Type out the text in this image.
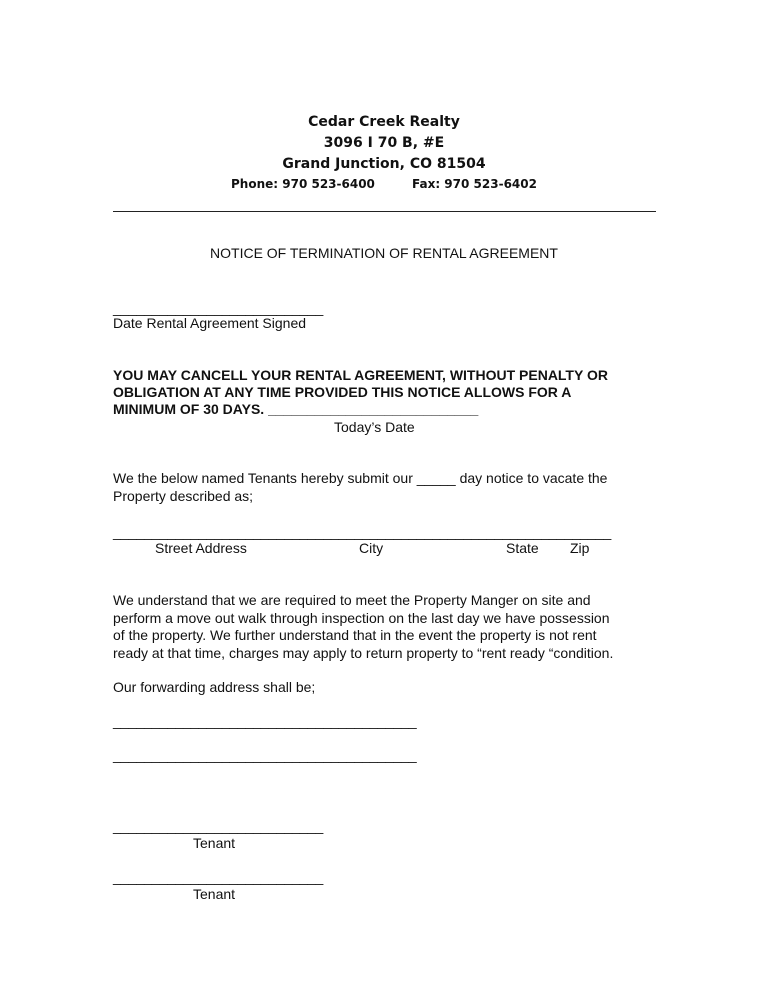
Cedar Creek Realty
3096 I 70 B, #E
Grand Junction, CO 81504
Phone: 970 523-6400	Fax: 970 523-6402
NOTICE OF TERMINATION OF RENTAL AGREEMENT
___________________________
Date Rental Agreement Signed
YOU MAY CANCELL YOUR RENTAL AGREEMENT, WITHOUT PENALTY OR
OBLIGATION AT ANY TIME PROVIDED THIS NOTICE ALLOWS FOR A
MINIMUM OF 30 DAYS. ___________________________
Today’s Date
We the below named Tenants hereby submit our _____ day notice to vacate the
Property described as;
________________________________________________________________
Street Address	City	State Zip
We understand that we are required to meet the Property Manger on site and
perform a move out walk through inspection on the last day we have possession
of the property. We further understand that in the event the property is not rent
ready at that time, charges may apply to return property to “rent ready “condition.
Our forwarding address shall be;
_______________________________________
_______________________________________
___________________________
Tenant
___________________________
Tenant
